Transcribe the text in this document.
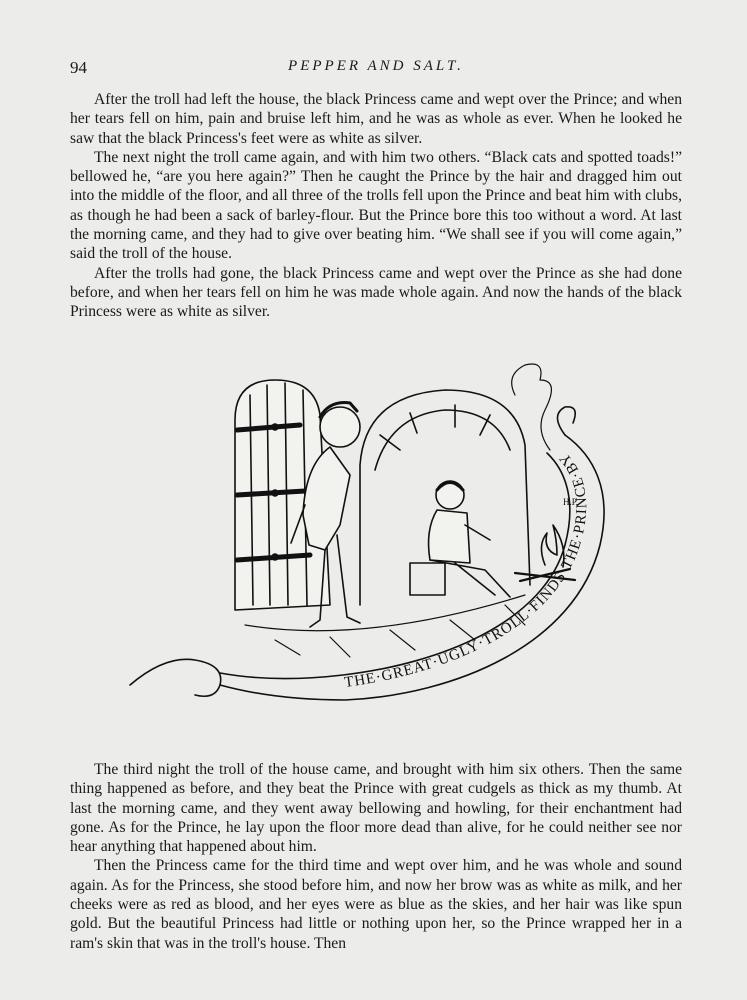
94	PEPPER AND SALT.

After the troll had left the house, the black Princess came and wept over the Prince; and when her tears fell on him, pain and bruise left him, and he was as whole as ever. When he looked he saw that the black Princess's feet were as white as silver.

The next night the troll came again, and with him two others. “Black cats and spotted toads!” bellowed he, “are you here again?” Then he caught the Prince by the hair and dragged him out into the middle of the floor, and all three of the trolls fell upon the Prince and beat him with clubs, as though he had been a sack of barley-flour. But the Prince bore this too without a word. At last the morning came, and they had to give over beating him. “We shall see if you will come again,” said the troll of the house.

After the trolls had gone, the black Princess came and wept over the Prince as she had done before, and when her tears fell on him he was made whole again. And now the hands of the black Princess were as white as silver.

THE·GREAT·UGLY·TROLL·FINDS·THE·PRINCE·BY
H.P.

The third night the troll of the house came, and brought with him six others. Then the same thing happened as before, and they beat the Prince with great cudgels as thick as my thumb. At last the morning came, and they went away bellowing and howling, for their enchantment had gone. As for the Prince, he lay upon the floor more dead than alive, for he could neither see nor hear anything that happened about him.

Then the Princess came for the third time and wept over him, and he was whole and sound again. As for the Princess, she stood before him, and now her brow was as white as milk, and her cheeks were as red as blood, and her eyes were as blue as the skies, and her hair was like spun gold. But the beautiful Princess had little or nothing upon her, so the Prince wrapped her in a ram's skin that was in the troll's house. Then
